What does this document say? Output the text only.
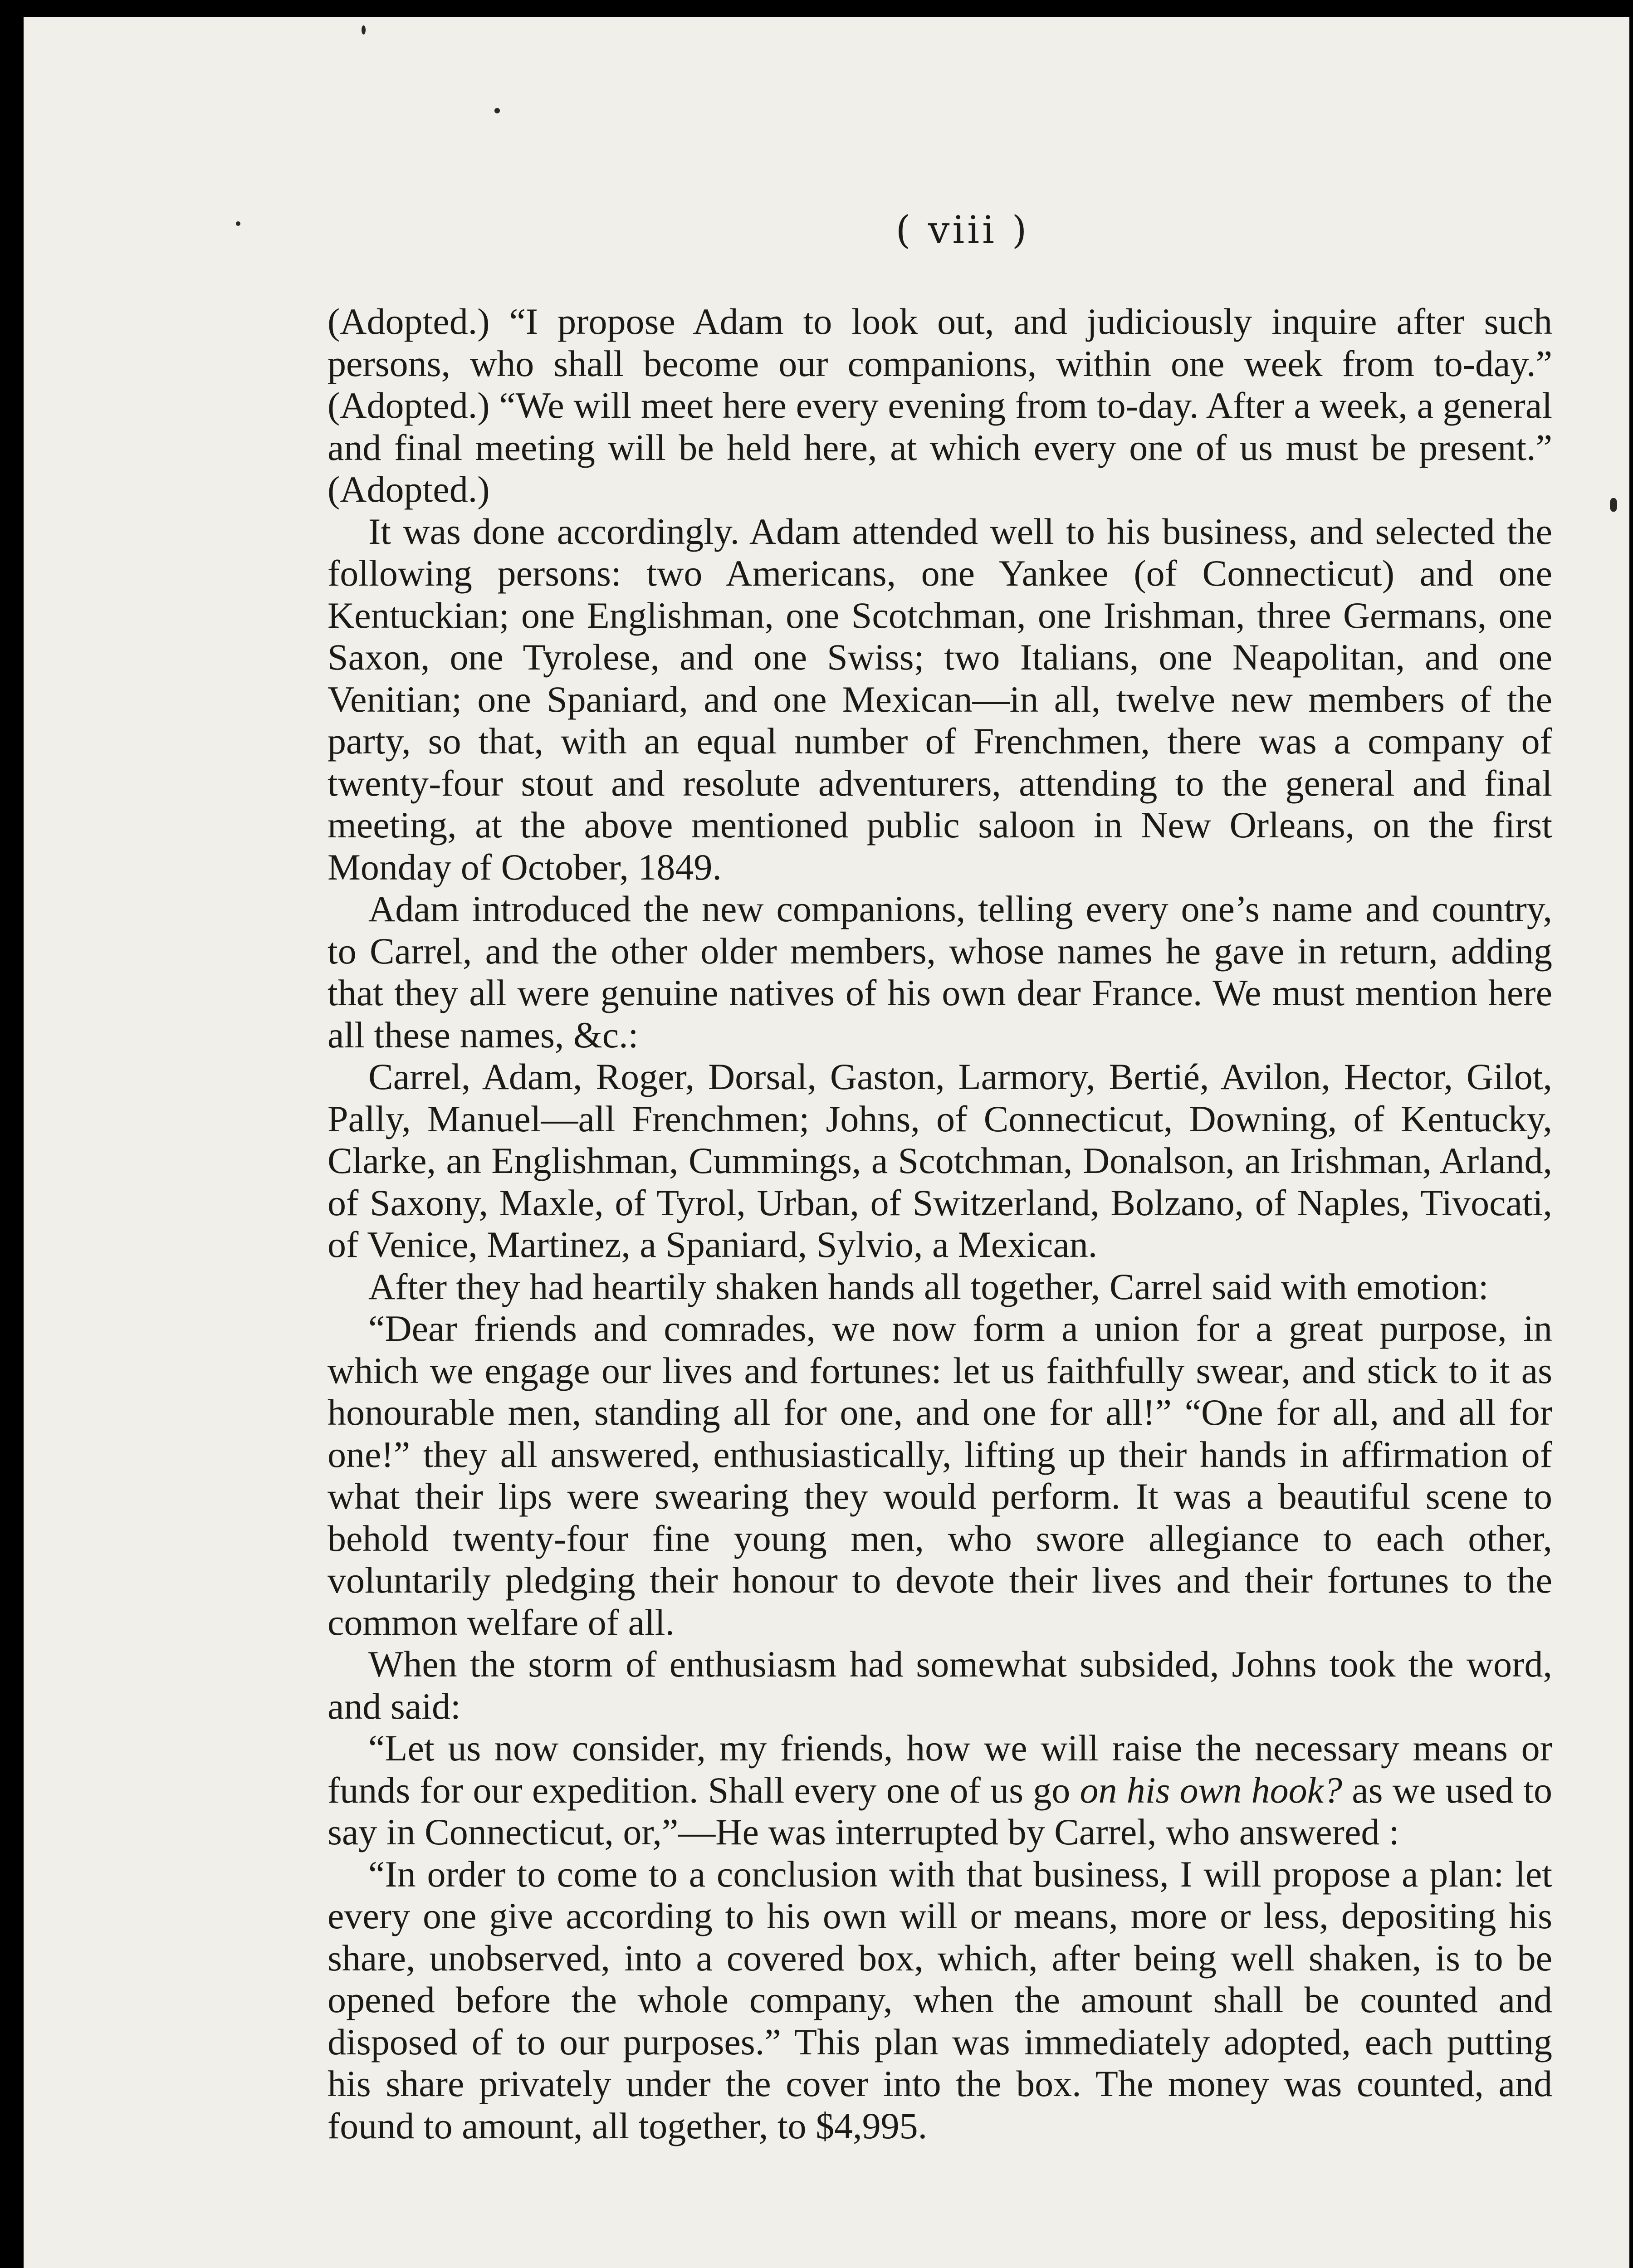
( viii )

(Adopted.) “I propose Adam to look out, and judiciously inquire after such persons, who shall become our companions, within one week from to-day.” (Adopted.) “We will meet here every evening from to-day. After a week, a general and final meeting will be held here, at which every one of us must be present.” (Adopted.)

It was done accordingly. Adam attended well to his business, and selected the following persons: two Americans, one Yankee (of Connecticut) and one Kentuckian; one Englishman, one Scotchman, one Irishman, three Germans, one Saxon, one Tyrolese, and one Swiss; two Italians, one Neapolitan, and one Venitian; one Spaniard, and one Mexican—in all, twelve new members of the party, so that, with an equal number of Frenchmen, there was a company of twenty-four stout and resolute adventurers, attending to the general and final meeting, at the above mentioned public saloon in New Orleans, on the first Monday of October, 1849.

Adam introduced the new companions, telling every one’s name and country, to Carrel, and the other older members, whose names he gave in return, adding that they all were genuine natives of his own dear France. We must mention here all these names, &c.:

Carrel, Adam, Roger, Dorsal, Gaston, Larmory, Bertié, Avilon, Hector, Gilot, Pally, Manuel—all Frenchmen; Johns, of Connecticut, Downing, of Kentucky, Clarke, an Englishman, Cummings, a Scotchman, Donalson, an Irishman, Arland, of Saxony, Maxle, of Tyrol, Urban, of Switzerland, Bolzano, of Naples, Tivocati, of Venice, Martinez, a Spaniard, Sylvio, a Mexican.

After they had heartily shaken hands all together, Carrel said with emotion:

“Dear friends and comrades, we now form a union for a great purpose, in which we engage our lives and fortunes: let us faithfully swear, and stick to it as honourable men, standing all for one, and one for all!” “One for all, and all for one!” they all answered, enthusiastically, lifting up their hands in affirmation of what their lips were swearing they would perform. It was a beautiful scene to behold twenty-four fine young men, who swore allegiance to each other, voluntarily pledging their honour to devote their lives and their fortunes to the common welfare of all.

When the storm of enthusiasm had somewhat subsided, Johns took the word, and said:

“Let us now consider, my friends, how we will raise the necessary means or funds for our expedition. Shall every one of us go on his own hook? as we used to say in Connecticut, or,”—He was interrupted by Carrel, who answered :

“In order to come to a conclusion with that business, I will propose a plan: let every one give according to his own will or means, more or less, depositing his share, unobserved, into a covered box, which, after being well shaken, is to be opened before the whole company, when the amount shall be counted and disposed of to our purposes.” This plan was immediately adopted, each putting his share privately under the cover into the box. The money was counted, and found to amount, all together, to $4,995.
